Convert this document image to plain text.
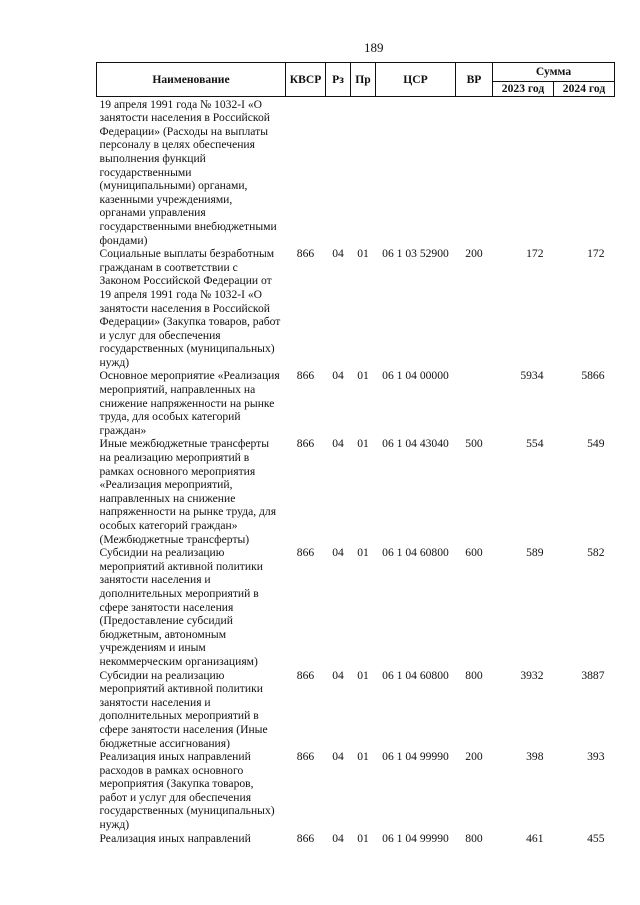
189
Наименование	КВСР	Рз	Пр	ЦСР	ВР	Сумма	
						2023 год	2024 год
19 апреля 1991 года № 1032-I «О занятости населения в Российской Федерации» (Расходы на выплаты персоналу в целях обеспечения выполнения функций государственными (муниципальными) органами, казенными учреждениями, органами управления государственными внебюджетными фондами)							
Социальные выплаты безработным гражданам в соответствии с Законом Российской Федерации от 19 апреля 1991 года № 1032-I «О занятости населения в Российской Федерации» (Закупка товаров, работ и услуг для обеспечения государственных (муниципальных) нужд)	866	04	01	06 1 03 52900	200	172	172
Основное мероприятие «Реализация мероприятий, направленных на снижение напряженности на рынке труда, для особых категорий граждан»	866	04	01	06 1 04 00000		5934	5866
Иные межбюджетные трансферты на реализацию мероприятий в рамках основного мероприятия «Реализация мероприятий, направленных на снижение напряженности на рынке труда, для особых категорий граждан» (Межбюджетные трансферты)	866	04	01	06 1 04 43040	500	554	549
Субсидии на реализацию мероприятий активной политики занятости населения и дополнительных мероприятий в сфере занятости населения (Предоставление субсидий бюджетным, автономным учреждениям и иным некоммерческим организациям)	866	04	01	06 1 04 60800	600	589	582
Субсидии на реализацию мероприятий активной политики занятости населения и дополнительных мероприятий в сфере занятости населения (Иные бюджетные ассигнования)	866	04	01	06 1 04 60800	800	3932	3887
Реализация иных направлений расходов в рамках основного мероприятия (Закупка товаров, работ и услуг для обеспечения государственных (муниципальных) нужд)	866	04	01	06 1 04 99990	200	398	393
Реализация иных направлений	866	04	01	06 1 04 99990	800	461	455
